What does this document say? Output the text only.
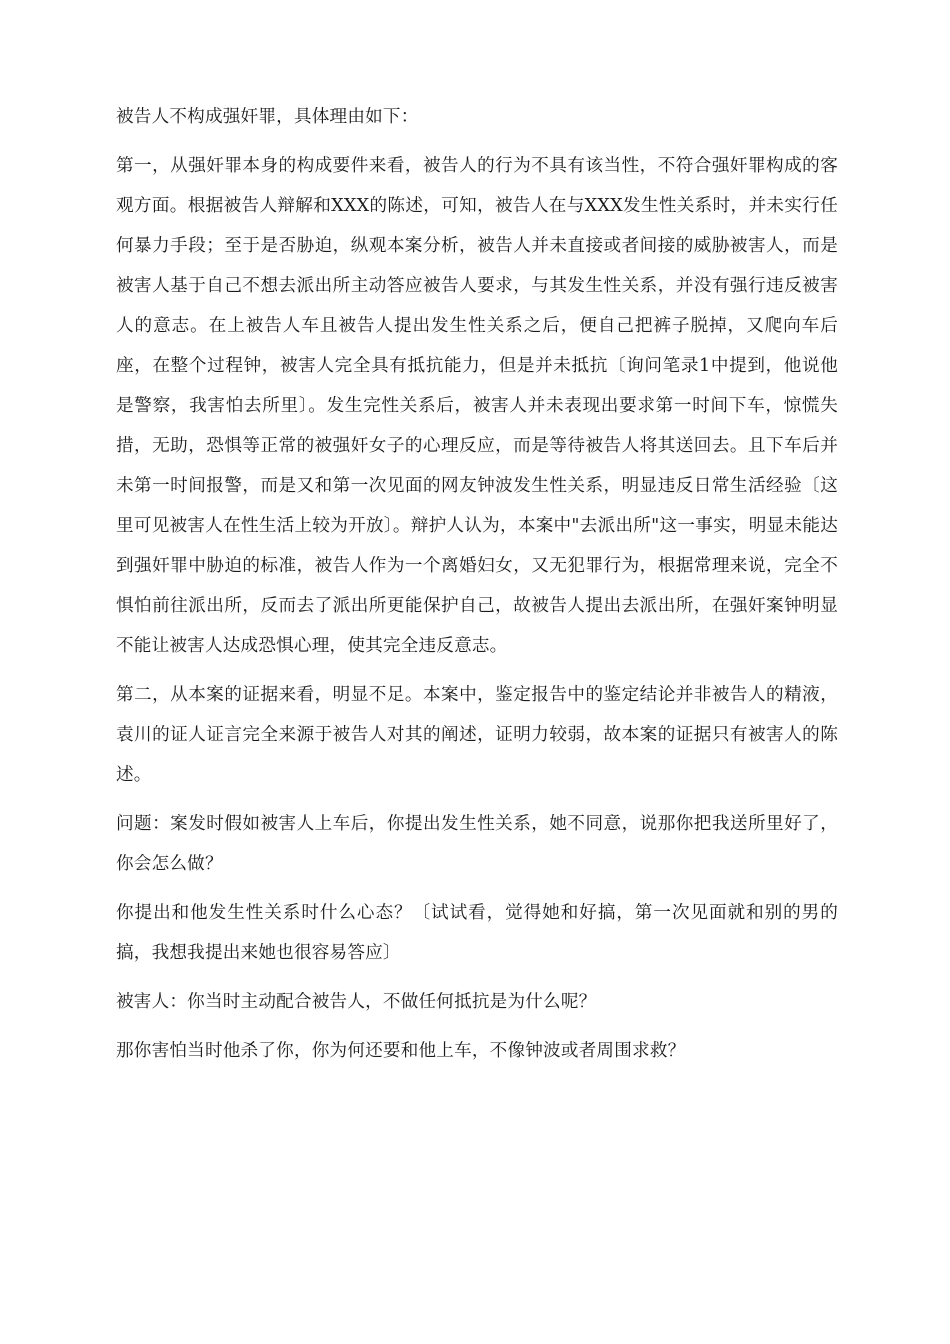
被告人不构成强奸罪，具体理由如下：

第一，从强奸罪本身的构成要件来看，被告人的行为不具有该当性，不符合强奸罪构成的客观方面。根据被告人辩解和XXX的陈述，可知，被告人在与XXX发生性关系时，并未实行任何暴力手段；至于是否胁迫，纵观本案分析，被告人并未直接或者间接的威胁被害人，而是被害人基于自己不想去派出所主动答应被告人要求，与其发生性关系，并没有强行违反被害人的意志。在上被告人车且被告人提出发生性关系之后，便自己把裤子脱掉，又爬向车后座，在整个过程钟，被害人完全具有抵抗能力，但是并未抵抗〔询问笔录1中提到，他说他是警察，我害怕去所里〕。发生完性关系后，被害人并未表现出要求第一时间下车，惊慌失措，无助，恐惧等正常的被强奸女子的心理反应，而是等待被告人将其送回去。且下车后并未第一时间报警，而是又和第一次见面的网友钟波发生性关系，明显违反日常生活经验〔这里可见被害人在性生活上较为开放〕。辩护人认为，本案中"去派出所"这一事实，明显未能达到强奸罪中胁迫的标准，被告人作为一个离婚妇女，又无犯罪行为，根据常理来说，完全不惧怕前往派出所，反而去了派出所更能保护自己，故被告人提出去派出所，在强奸案钟明显不能让被害人达成恐惧心理，使其完全违反意志。

第二，从本案的证据来看，明显不足。本案中，鉴定报告中的鉴定结论并非被告人的精液，袁川的证人证言完全来源于被告人对其的阐述，证明力较弱，故本案的证据只有被害人的陈述。

问题：案发时假如被害人上车后，你提出发生性关系，她不同意，说那你把我送所里好了，你会怎么做？

你提出和他发生性关系时什么心态？〔试试看，觉得她和好搞，第一次见面就和别的男的搞，我想我提出来她也很容易答应〕

被害人：你当时主动配合被告人，不做任何抵抗是为什么呢？

那你害怕当时他杀了你，你为何还要和他上车，不像钟波或者周围求救？
